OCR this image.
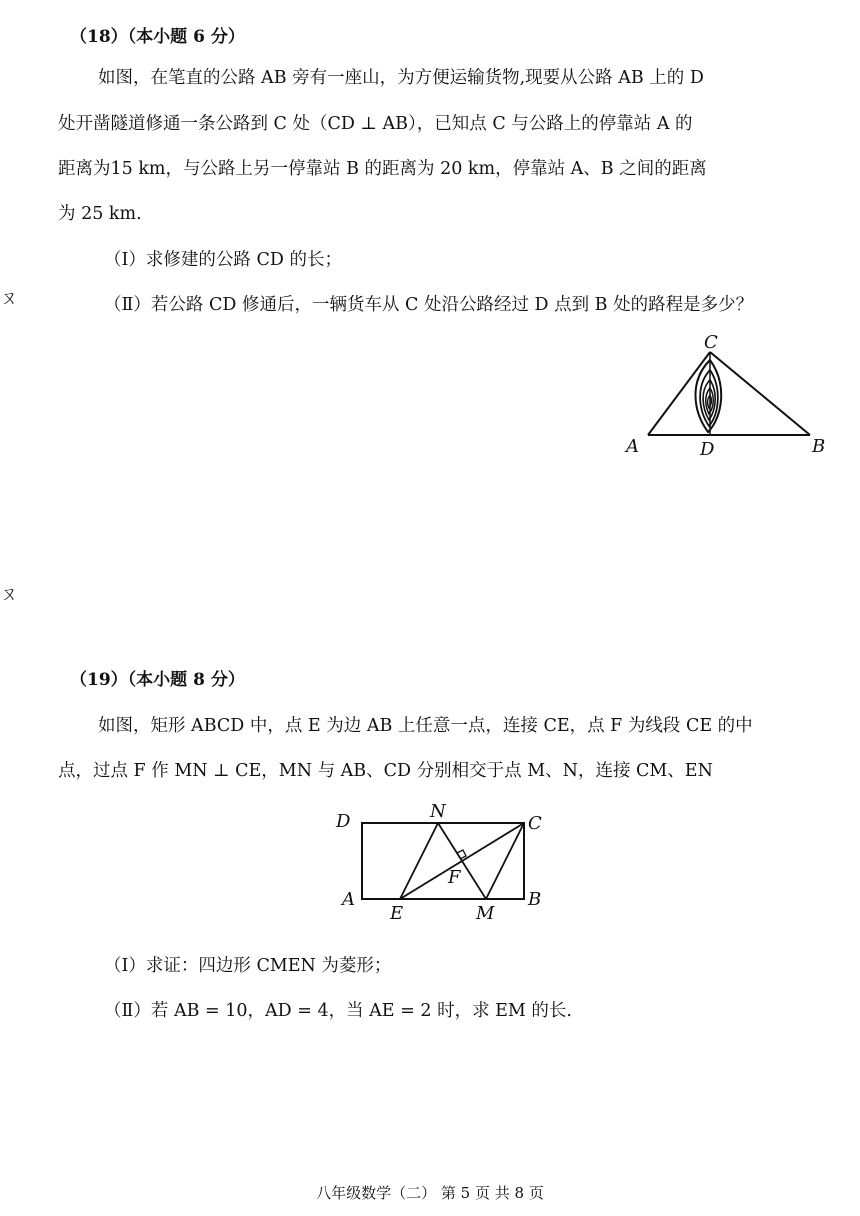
（18）（本小题 6 分）
如图，在笔直的公路 AB 旁有一座山，为方便运输货物,现要从公路 AB 上的 D
处开凿隧道修通一条公路到 C 处（CD ⊥ AB），已知点 C 与公路上的停靠站 A 的
距离为15 km，与公路上另一停靠站 B 的距离为 20 km，停靠站 A、B 之间的距离
为 25 km.
（Ⅰ）求修建的公路 CD 的长；
（Ⅱ）若公路 CD 修通后，一辆货车从 C 处沿公路经过 D 点到 B 处的路程是多少？
C
A	D	B
ㄡ
ㄡ
（19）（本小题 8 分）
如图，矩形 ABCD 中，点 E 为边 AB 上任意一点，连接 CE，点 F 为线段 CE 的中
点，过点 F 作 MN ⊥ CE，MN 与 AB、CD 分别相交于点 M、N，连接 CM、EN
D	N
C
F
A
E	M
B
（Ⅰ）求证：四边形 CMEN 为菱形；
（Ⅱ）若 AB = 10，AD = 4，当 AE = 2 时，求 EM 的长.
八年级数学（二） 第 5 页 共 8 页
